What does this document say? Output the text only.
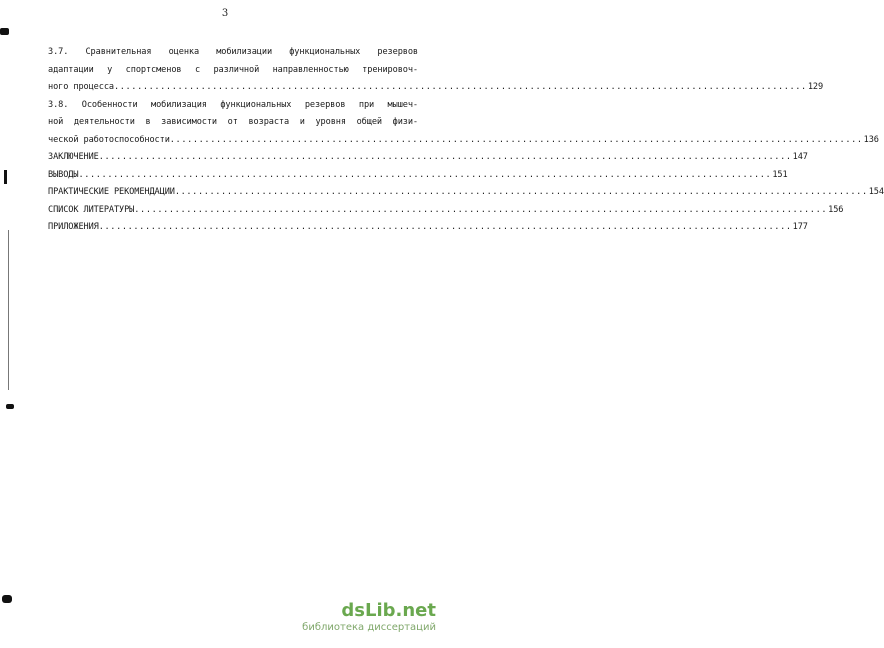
3
3.7. Сравнительная оценка мобилизации функциональных резервов
адаптации у спортсменов с различной направленностью тренировоч-
ного процесса ........................................................................................................................ 129
3.8. Особенности мобилизация функциональных резервов при мышеч-
ной деятельности в зависимости от возраста и уровня общей физи-
ческой работоспособности ........................................................................................................................ 136
ЗАКЛЮЧЕНИЕ ........................................................................................................................ 147
ВЫВОДЫ ........................................................................................................................ 151
ПРАКТИЧЕСКИЕ РЕКОМЕНДАЦИИ ........................................................................................................................ 154
СПИСОК ЛИТЕРАТУРЫ ........................................................................................................................ 156
ПРИЛОЖЕНИЯ ........................................................................................................................ 177
dsLib.net
библиотека диссертаций
